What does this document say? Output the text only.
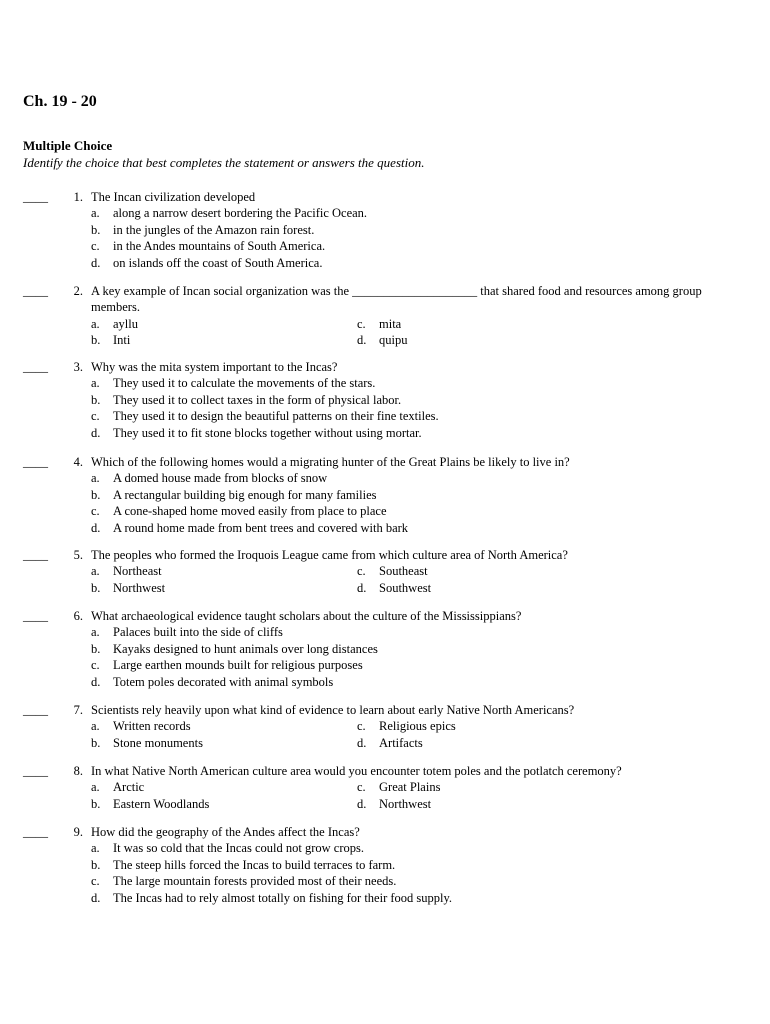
Ch. 19 - 20
Multiple Choice
Identify the choice that best completes the statement or answers the question.
____	1. The Incan civilization developed
a.	along a narrow desert bordering the Pacific Ocean.
b.	in the jungles of the Amazon rain forest.
c.	in the Andes mountains of South America.
d.	on islands off the coast of South America.
____	2. A key example of Incan social organization was the ____________________ that shared food and resources among group members.
a.	ayllu	c.	mita
b.	Inti	d.	quipu
____	3. Why was the mita system important to the Incas?
a.	They used it to calculate the movements of the stars.
b.	They used it to collect taxes in the form of physical labor.
c.	They used it to design the beautiful patterns on their fine textiles.
d.	They used it to fit stone blocks together without using mortar.
____	4. Which of the following homes would a migrating hunter of the Great Plains be likely to live in?
a.	A domed house made from blocks of snow
b.	A rectangular building big enough for many families
c.	A cone-shaped home moved easily from place to place
d.	A round home made from bent trees and covered with bark
____	5. The peoples who formed the Iroquois League came from which culture area of North America?
a.	Northeast	c.	Southeast
b.	Northwest	d.	Southwest
____	6. What archaeological evidence taught scholars about the culture of the Mississippians?
a.	Palaces built into the side of cliffs
b.	Kayaks designed to hunt animals over long distances
c.	Large earthen mounds built for religious purposes
d.	Totem poles decorated with animal symbols
____	7. Scientists rely heavily upon what kind of evidence to learn about early Native North Americans?
a.	Written records	c.	Religious epics
b.	Stone monuments	d.	Artifacts
____	8. In what Native North American culture area would you encounter totem poles and the potlatch ceremony?
a.	Arctic	c.	Great Plains
b.	Eastern Woodlands	d.	Northwest
____	9. How did the geography of the Andes affect the Incas?
a.	It was so cold that the Incas could not grow crops.
b.	The steep hills forced the Incas to build terraces to farm.
c.	The large mountain forests provided most of their needs.
d.	The Incas had to rely almost totally on fishing for their food supply.
